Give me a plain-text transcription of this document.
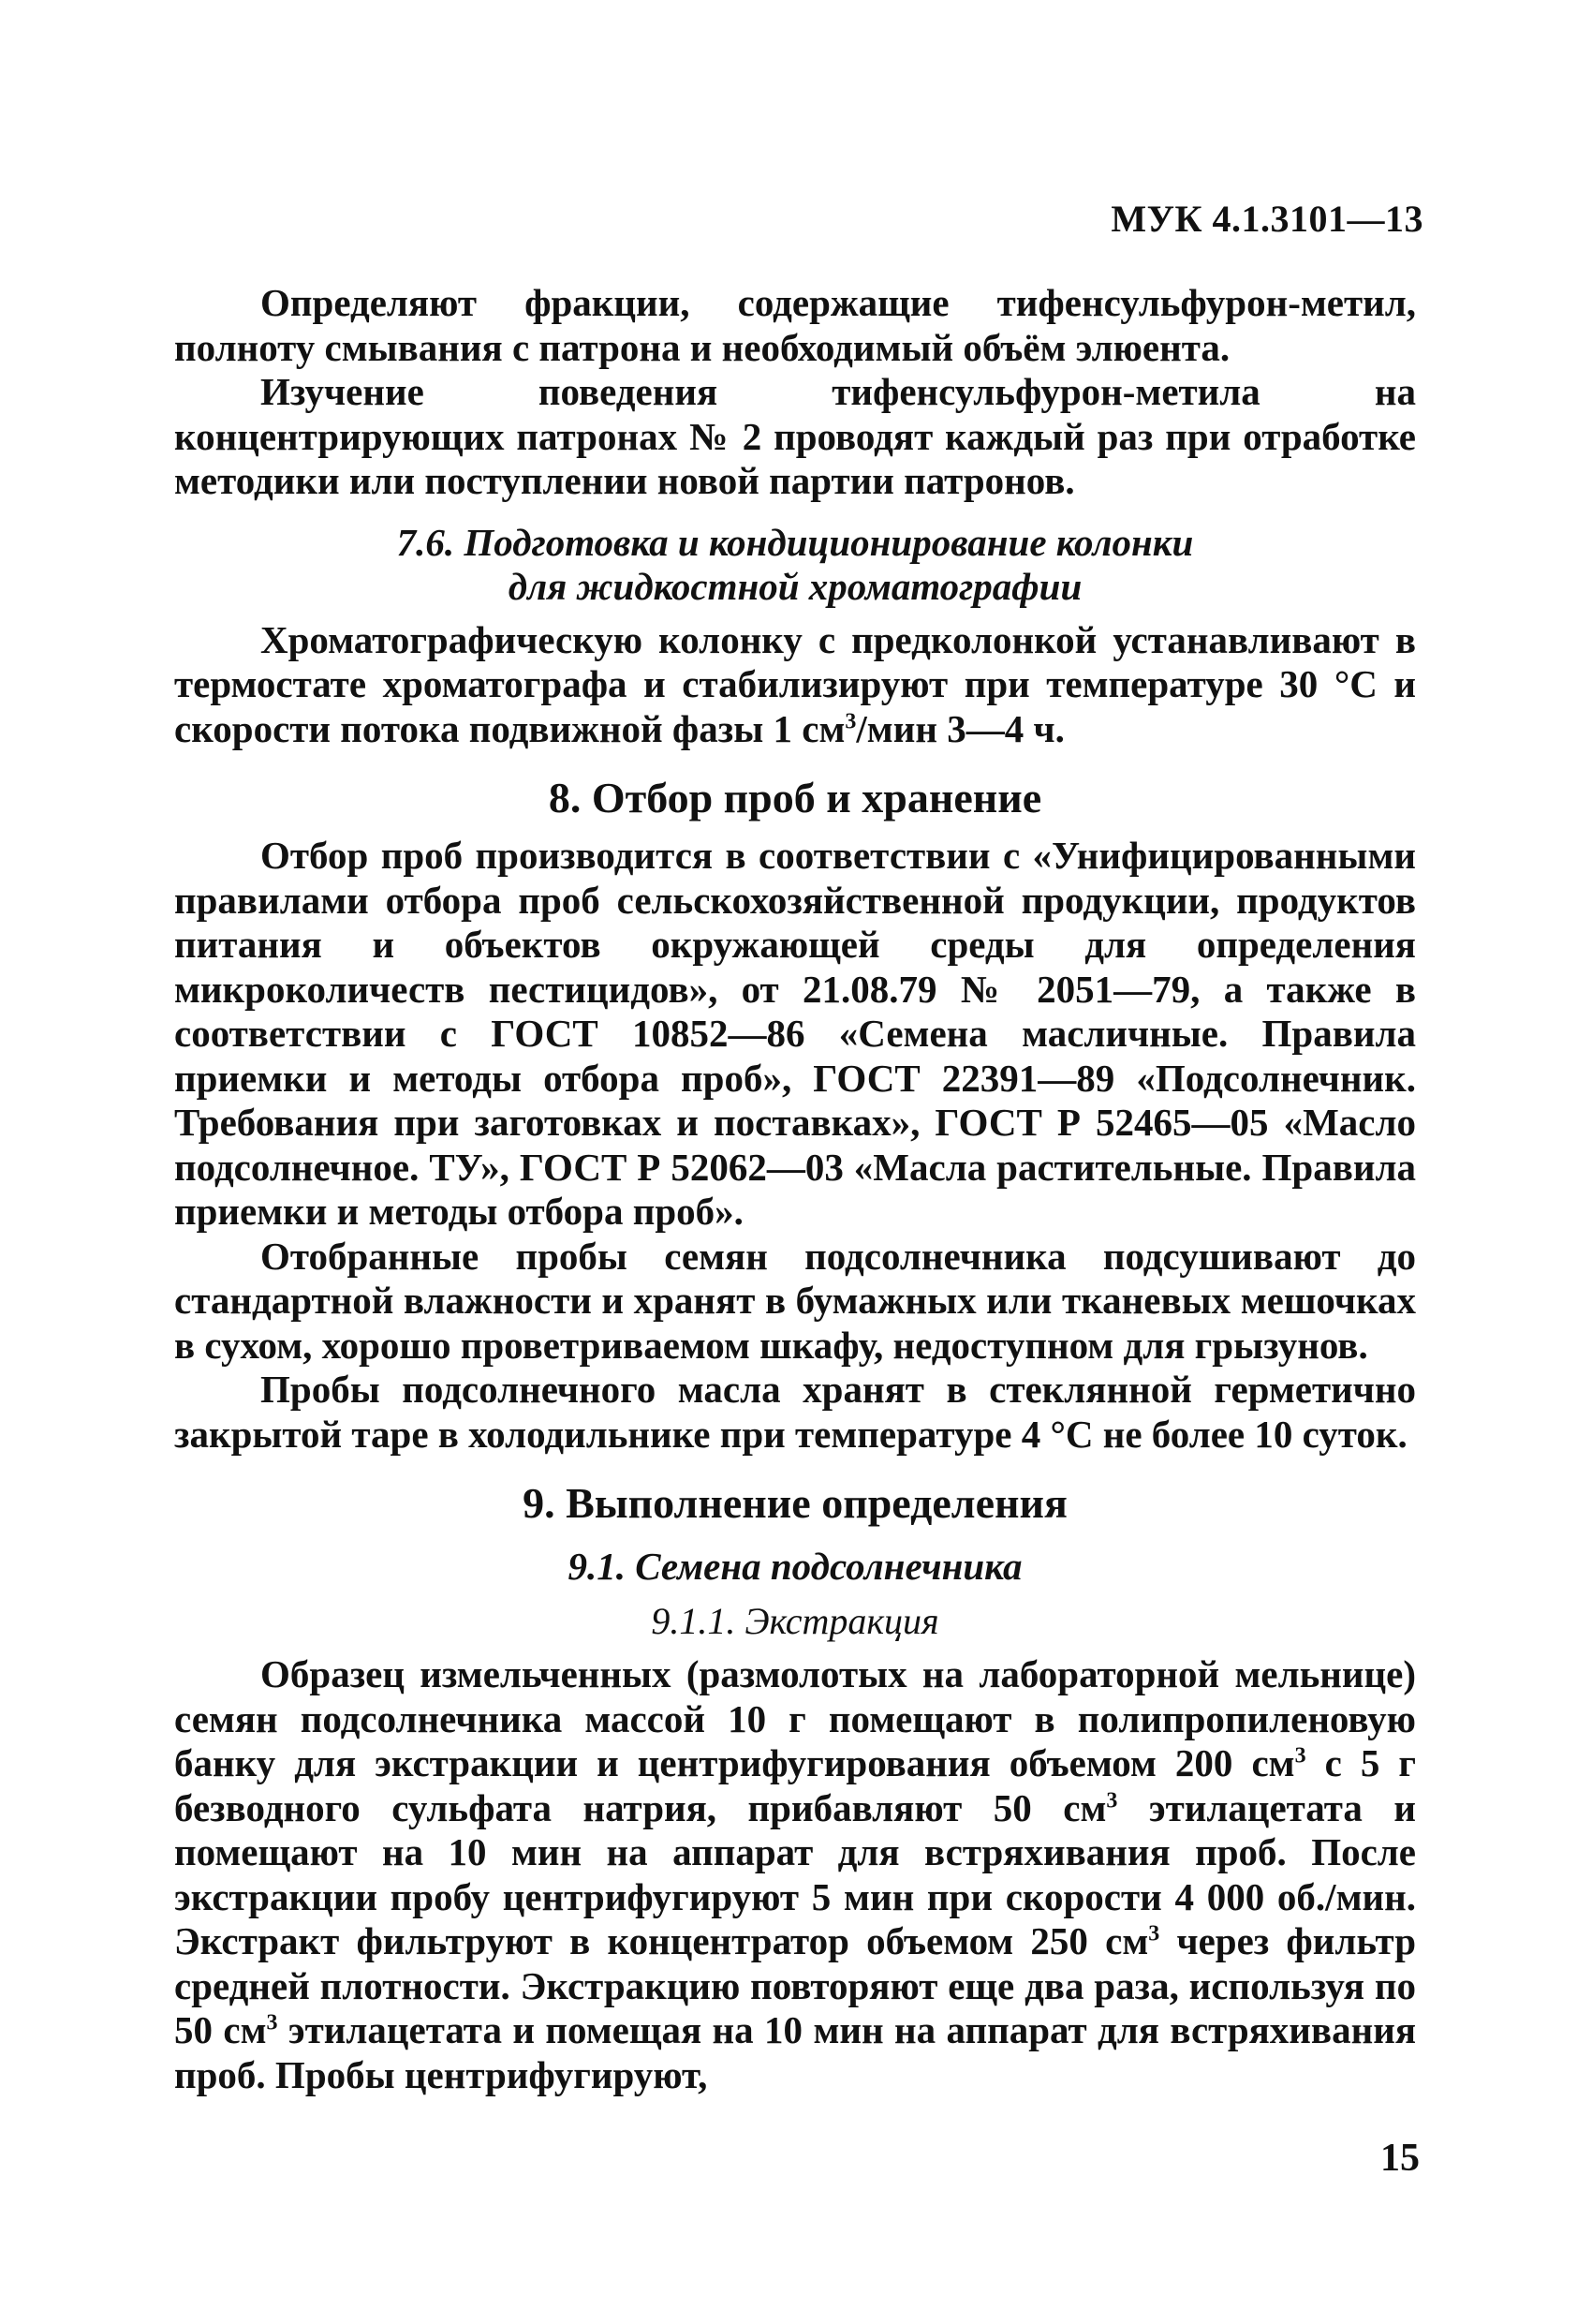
МУК 4.1.3101—13

Определяют фракции, содержащие тифенсульфурон-метил, полноту смывания с патрона и необходимый объём элюента.

Изучение поведения тифенсульфурон-метила на концентрирующих патронах № 2 проводят каждый раз при отработке методики или поступлении новой партии патронов.

7.6. Подготовка и кондиционирование колонки
для жидкостной хроматографии

Хроматографическую колонку с предколонкой устанавливают в термостате хроматографа и стабилизируют при температуре 30 °С и скорости потока подвижной фазы 1 $см^3$/мин 3—4 ч.

8. Отбор проб и хранение

Отбор проб производится в соответствии с «Унифицированными правилами отбора проб сельскохозяйственной продукции, продуктов питания и объектов окружающей среды для определения микроколичеств пестицидов», от 21.08.79 № 2051—79, а также в соответствии с ГОСТ 10852—86 «Семена масличные. Правила приемки и методы отбора проб», ГОСТ 22391—89 «Подсолнечник. Требования при заготовках и поставках», ГОСТ Р 52465—05 «Масло подсолнечное. ТУ», ГОСТ Р 52062—03 «Масла растительные. Правила приемки и методы отбора проб».

Отобранные пробы семян подсолнечника подсушивают до стандартной влажности и хранят в бумажных или тканевых мешочках в сухом, хорошо проветриваемом шкафу, недоступном для грызунов.

Пробы подсолнечного масла хранят в стеклянной герметично закрытой таре в холодильнике при температуре 4 °С не более 10 суток.

9. Выполнение определения
9.1. Семена подсолнечника
9.1.1. Экстракция

Образец измельченных (размолотых на лабораторной мельнице) семян подсолнечника массой 10 г помещают в полипропиленовую банку для экстракции и центрифугирования объемом 200 $см^3$ с 5 г безводного сульфата натрия, прибавляют 50 $см^3$ этилацетата и помещают на 10 мин на аппарат для встряхивания проб. После экстракции пробу центрифугируют 5 мин при скорости 4 000 об./мин. Экстракт фильтруют в концентратор объемом 250 $см^3$ через фильтр средней плотности. Экстракцию повторяют еще два раза, используя по 50 $см^3$ этилацетата и помещая на 10 мин на аппарат для встряхивания проб. Пробы центрифугируют,

15
